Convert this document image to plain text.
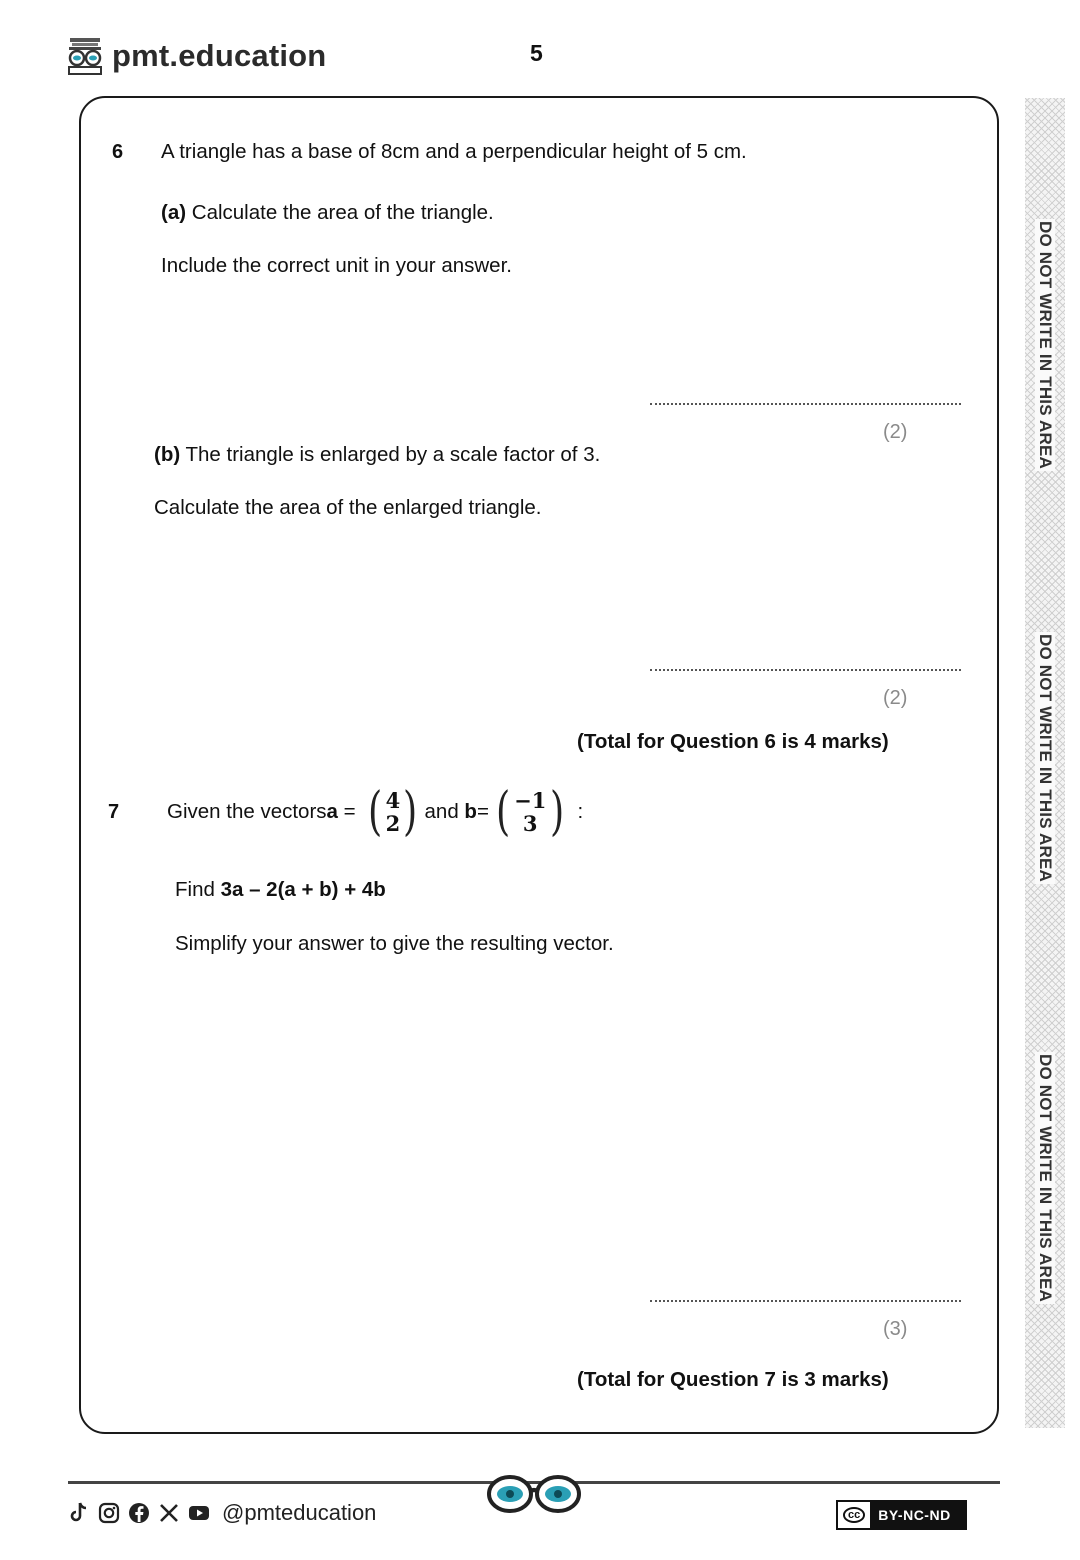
pmt.education	5
DO NOT WRITE IN THIS AREA
DO NOT WRITE IN THIS AREA
DO NOT WRITE IN THIS AREA
6 A triangle has a base of 8cm and a perpendicular height of 5 cm.
(a) Calculate the area of the triangle.
Include the correct unit in your answer.
(2)
(b) The triangle is enlarged by a scale factor of 3.
Calculate the area of the enlarged triangle.
(2)
(Total for Question 6 is 4 marks)
7 Given the vectors a = ( 4
2 ) and b = ( −1
3 ) :
Find 3a – 2(a + b) + 4b
Simplify your answer to give the resulting vector.
(3)
(Total for Question 7 is 3 marks)
@pmteducation	cc	BY-NC-ND
